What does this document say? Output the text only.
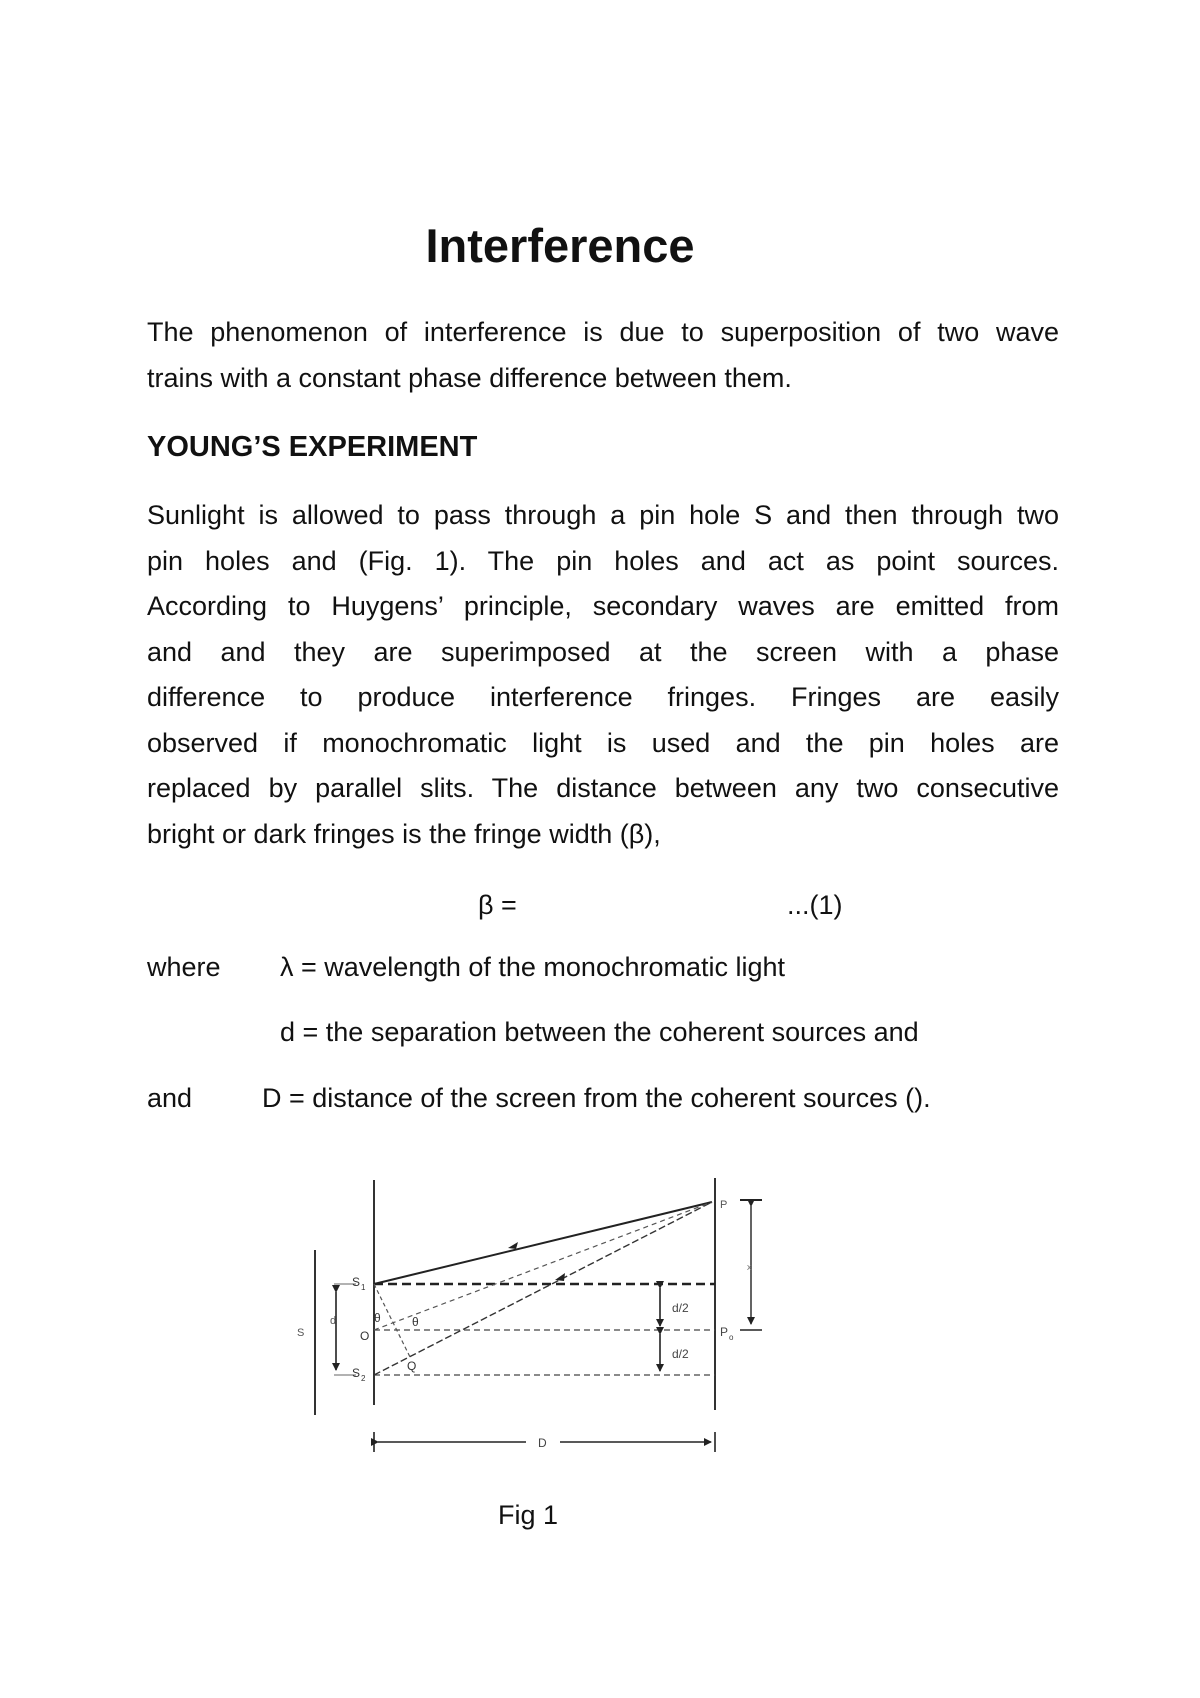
Interference
The phenomenon of interference is due to superposition of two wave
trains with a constant phase difference between them.
YOUNG’S EXPERIMENT
Sunlight is allowed to pass through a pin hole S and then through two
pin holes and (Fig. 1). The pin holes and act as point sources.
According to Huygens’ principle, secondary waves are emitted from
and and they are superimposed at the screen with a phase
difference to produce interference fringes. Fringes are easily
observed if monochromatic light is used and the pin holes are
replaced by parallel slits. The distance between any two consecutive
bright or dark fringes is the fringe width (β),
β =	...(1)
where λ = wavelength of the monochromatic light
d = the separation between the coherent sources and
and	D = distance of the screen from the coherent sources ().
S
d
S 1
S 2
O
θ	θ
Q
d/2
d/2
P
P o
x
D
Fig 1
